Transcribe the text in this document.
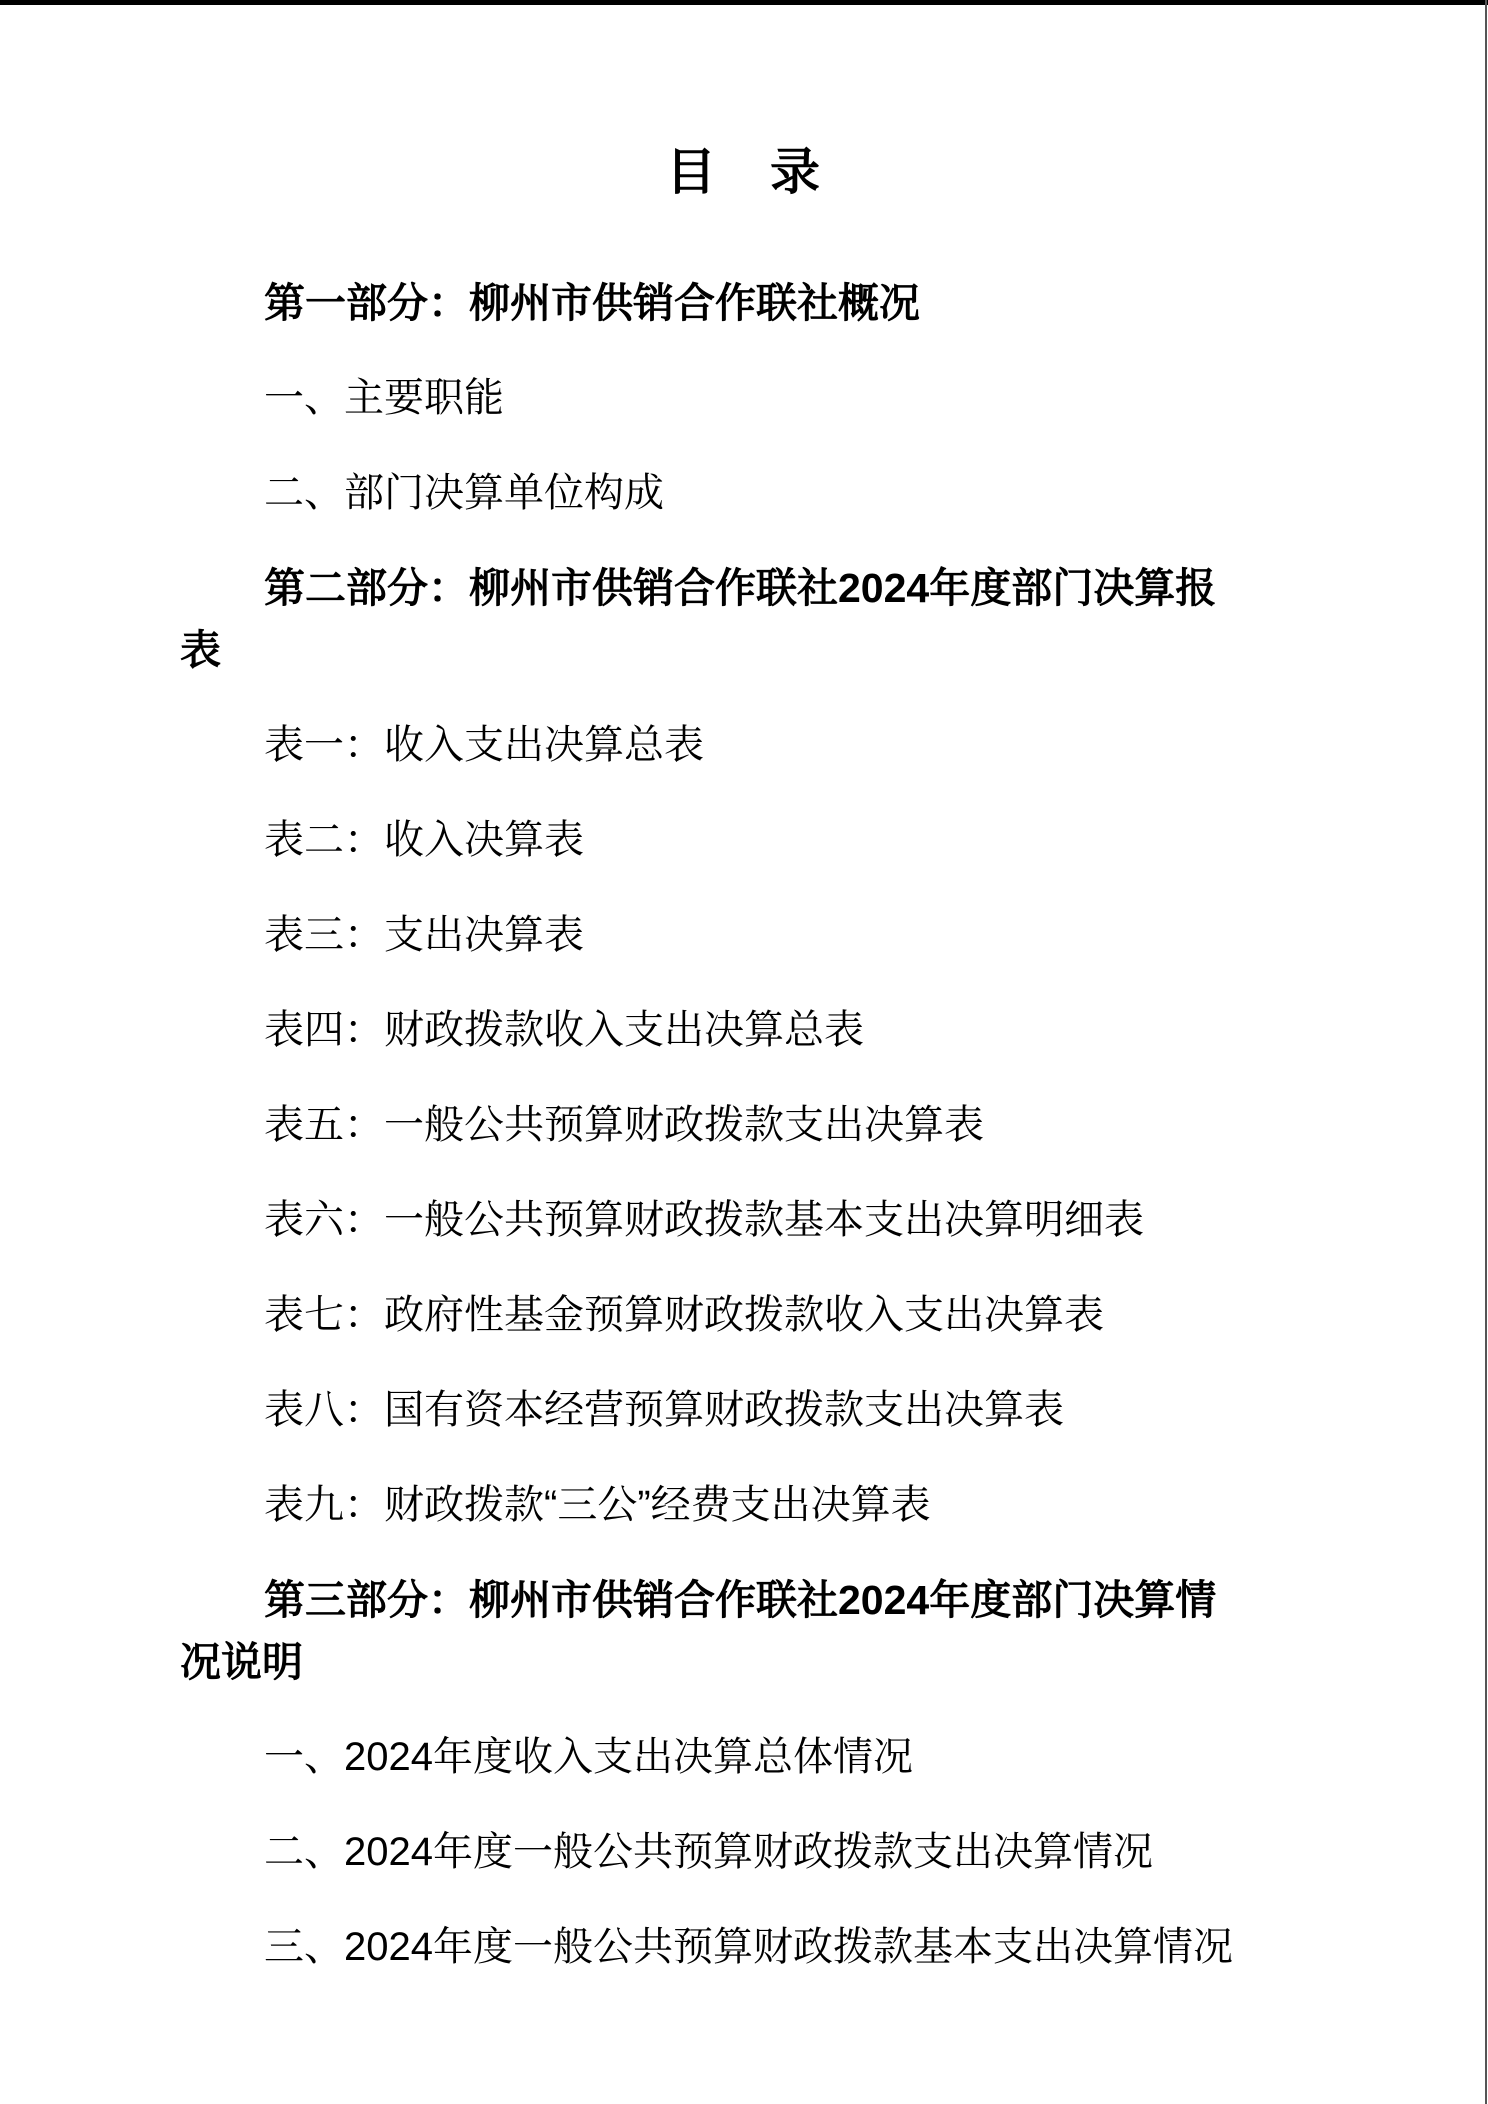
目　录

第一部分：柳州市供销合作联社概况

一、主要职能

二、部门决算单位构成

第二部分：柳州市供销合作联社2024年度部门决算报
表

表一：收入支出决算总表

表二：收入决算表

表三：支出决算表

表四：财政拨款收入支出决算总表

表五：一般公共预算财政拨款支出决算表

表六：一般公共预算财政拨款基本支出决算明细表

表七：政府性基金预算财政拨款收入支出决算表

表八：国有资本经营预算财政拨款支出决算表

表九：财政拨款“三公”经费支出决算表

第三部分：柳州市供销合作联社2024年度部门决算情
况说明

一、2024年度收入支出决算总体情况

二、2024年度一般公共预算财政拨款支出决算情况

三、2024年度一般公共预算财政拨款基本支出决算情况
